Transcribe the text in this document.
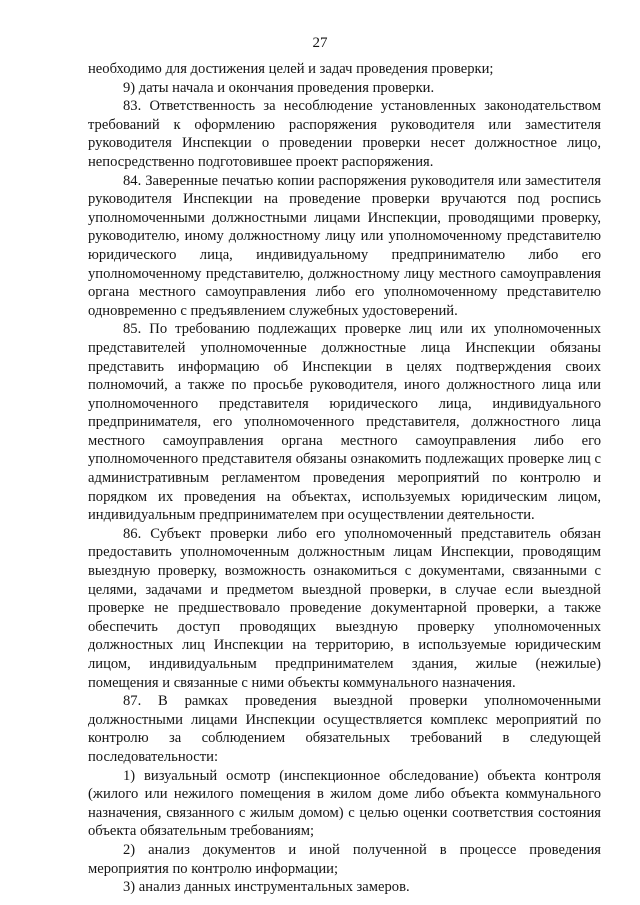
27

необходимо для достижения целей и задач проведения проверки;

9) даты начала и окончания проведения проверки.

83. Ответственность за несоблюдение установленных законодательством требований к оформлению распоряжения руководителя или заместителя руководителя Инспекции о проведении проверки несет должностное лицо, непосредственно подготовившее проект распоряжения.

84. Заверенные печатью копии распоряжения руководителя или заместителя руководителя Инспекции на проведение проверки вручаются под роспись уполномоченными должностными лицами Инспекции, проводящими проверку, руководителю, иному должностному лицу или уполномоченному представителю юридического лица, индивидуальному предпринимателю либо его уполномоченному представителю, должностному лицу местного самоуправления органа местного самоуправления либо его уполномоченному представителю одновременно с предъявлением служебных удостоверений.

85. По требованию подлежащих проверке лиц или их уполномоченных представителей уполномоченные должностные лица Инспекции обязаны представить информацию об Инспекции в целях подтверждения своих полномочий, а также по просьбе руководителя, иного должностного лица или уполномоченного представителя юридического лица, индивидуального предпринимателя, его уполномоченного представителя, должностного лица местного самоуправления органа местного самоуправления либо его уполномоченного представителя обязаны ознакомить подлежащих проверке лиц с административным регламентом проведения мероприятий по контролю и порядком их проведения на объектах, используемых юридическим лицом, индивидуальным предпринимателем при осуществлении деятельности.

86. Субъект проверки либо его уполномоченный представитель обязан предоставить уполномоченным должностным лицам Инспекции, проводящим выездную проверку, возможность ознакомиться с документами, связанными с целями, задачами и предметом выездной проверки, в случае если выездной проверке не предшествовало проведение документарной проверки, а также обеспечить доступ проводящих выездную проверку уполномоченных должностных лиц Инспекции на территорию, в используемые юридическим лицом, индивидуальным предпринимателем здания, жилые (нежилые) помещения и связанные с ними объекты коммунального назначения.

87. В рамках проведения выездной проверки уполномоченными должностными лицами Инспекции осуществляется комплекс мероприятий по контролю за соблюдением обязательных требований в следующей последовательности:

1) визуальный осмотр (инспекционное обследование) объекта контроля (жилого или нежилого помещения в жилом доме либо объекта коммунального назначения, связанного с жилым домом) с целью оценки соответствия состояния объекта обязательным требованиям;

2) анализ документов и иной полученной в процессе проведения мероприятия по контролю информации;

3) анализ данных инструментальных замеров.
